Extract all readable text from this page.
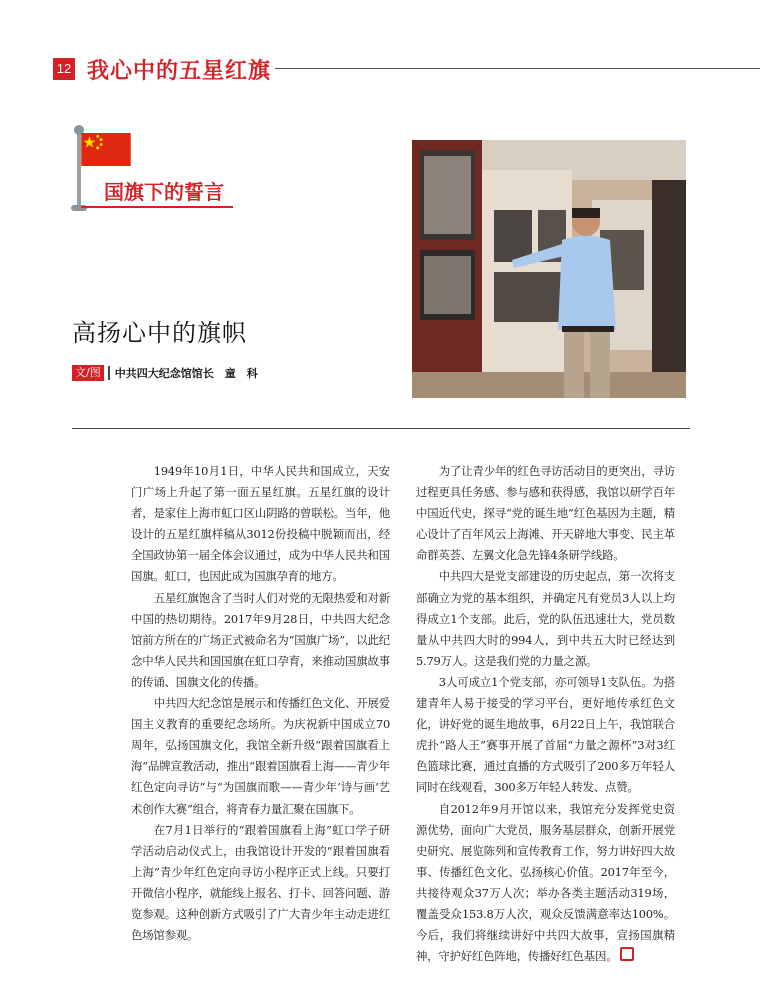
12 我心中的五星红旗
国旗下的誓言
高扬心中的旗帜
文/图 中共四大纪念馆馆长　童　科

1949年10月1日，中华人民共和国成立，天安门广场上升起了第一面五星红旗。五星红旗的设计者，是家住上海市虹口区山阴路的曾联松。当年，他设计的五星红旗样稿从3012份投稿中脱颖而出，经全国政协第一届全体会议通过，成为中华人民共和国国旗。虹口，也因此成为国旗孕育的地方。

五星红旗饱含了当时人们对党的无限热爱和对新中国的热切期待。2017年9月28日，中共四大纪念馆前方所在的广场正式被命名为“国旗广场”，以此纪念中华人民共和国国旗在虹口孕育，来推动国旗故事的传诵、国旗文化的传播。

中共四大纪念馆是展示和传播红色文化、开展爱国主义教育的重要纪念场所。为庆祝新中国成立70周年，弘扬国旗文化，我馆全新升级“跟着国旗看上海”品牌宣教活动，推出“跟着国旗看上海——青少年红色定向寻访”与“为国旗而歌——青少年‘诗与画’艺术创作大赛”组合，将青春力量汇聚在国旗下。

在7月1日举行的“跟着国旗看上海”虹口学子研学活动启动仪式上，由我馆设计开发的“跟着国旗看上海”青少年红色定向寻访小程序正式上线。只要打开微信小程序，就能线上报名、打卡、回答问题、游览参观。这种创新方式吸引了广大青少年主动走进红色场馆参观。

为了让青少年的红色寻访活动目的更突出，寻访过程更具任务感、参与感和获得感，我馆以研学百年中国近代史，探寻“党的诞生地”红色基因为主题，精心设计了百年风云上海滩、开天辟地大事变、民主革命群英荟、左翼文化急先锋4条研学线路。

中共四大是党支部建设的历史起点，第一次将支部确立为党的基本组织，并确定凡有党员3人以上均得成立1个支部。此后，党的队伍迅速壮大，党员数量从中共四大时的994人，到中共五大时已经达到5.79万人。这是我们党的力量之源。

3人可成立1个党支部，亦可领导1支队伍。为搭建青年人易于接受的学习平台，更好地传承红色文化，讲好党的诞生地故事，6月22日上午，我馆联合虎扑“路人王”赛事开展了首届“力量之源杯”3对3红色篮球比赛，通过直播的方式吸引了200多万年轻人同时在线观看，300多万年轻人转发、点赞。

自2012年9月开馆以来，我馆充分发挥党史资源优势，面向广大党员，服务基层群众，创新开展党史研究、展览陈列和宣传教育工作，努力讲好四大故事、传播红色文化、弘扬核心价值。2017年至今，共接待观众37万人次；举办各类主题活动319场，覆盖受众153.8万人次，观众反馈满意率达100%。今后，我们将继续讲好中共四大故事，宣扬国旗精神，守护好红色阵地，传播好红色基因。
